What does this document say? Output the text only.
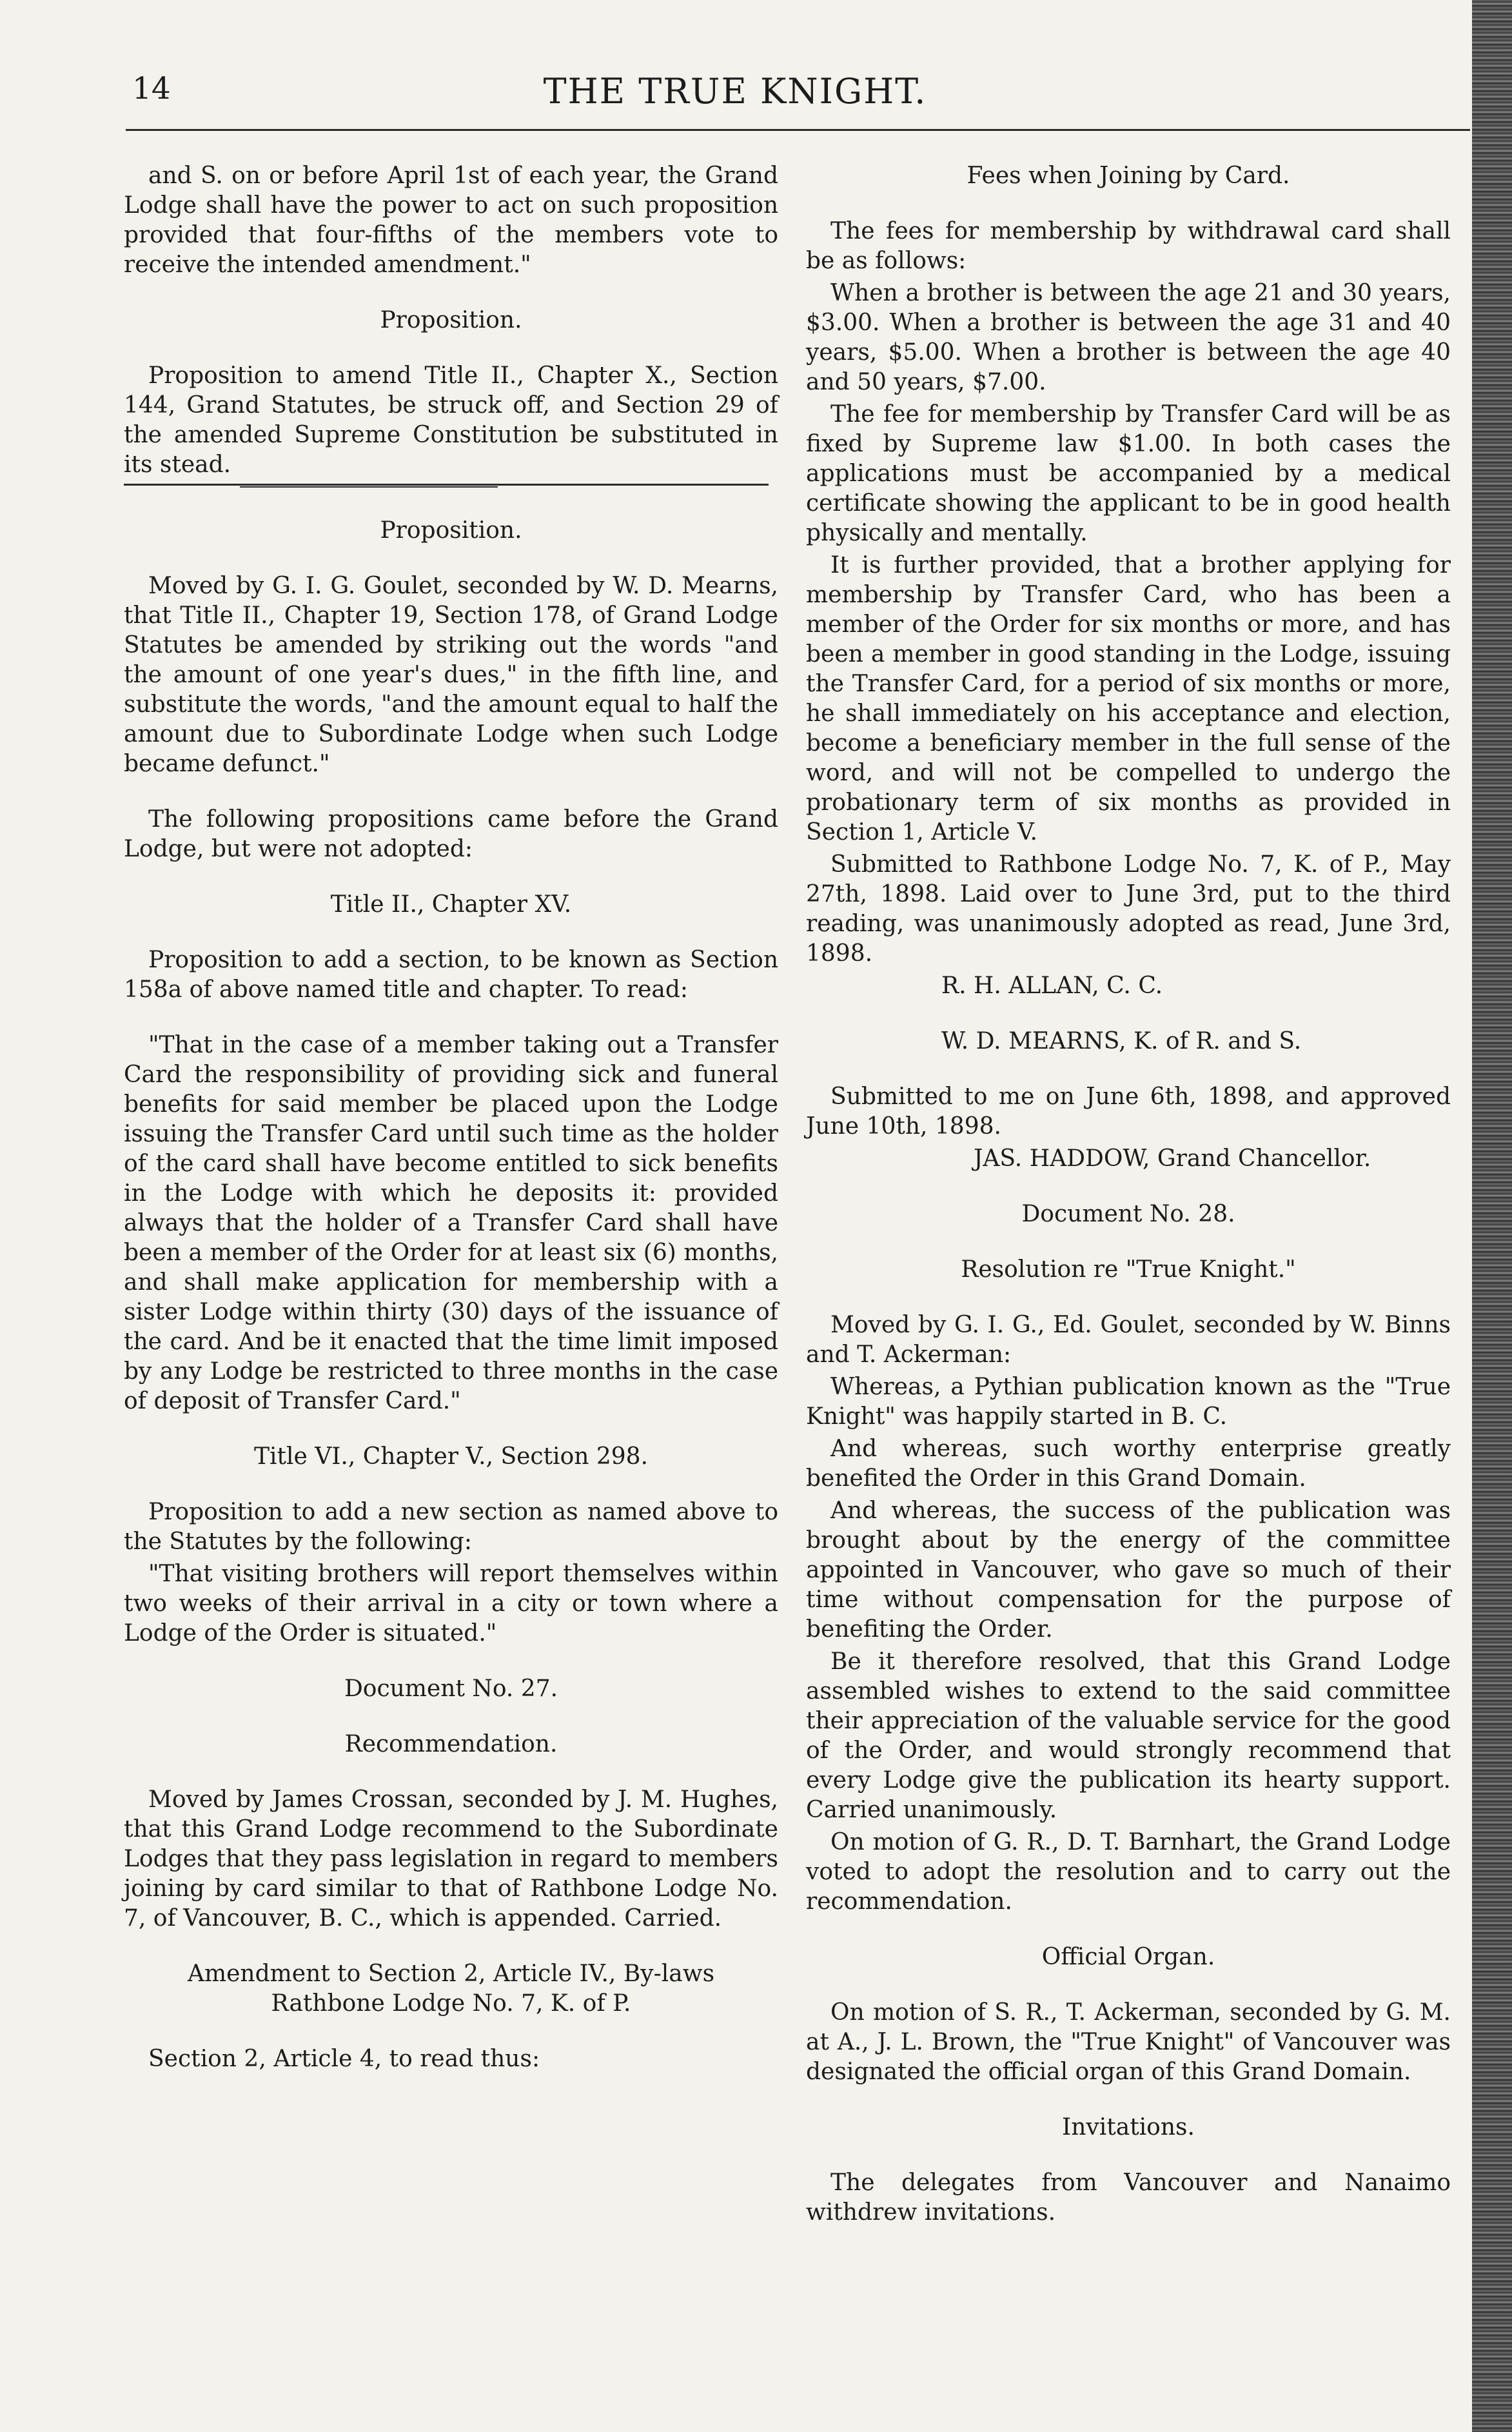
14	THE TRUE KNIGHT.

and S. on or before April 1st of each year, the Grand Lodge shall have the power to act on such proposition provided that four-fifths of the members vote to receive the intended amendment."

Proposition.

Proposition to amend Title II., Chapter X., Section 144, Grand Statutes, be struck off, and Section 29 of the amended Supreme Constitution be substituted in its stead.

Proposition.

Moved by G. I. G. Goulet, seconded by W. D. Mearns, that Title II., Chapter 19, Section 178, of Grand Lodge Statutes be amended by striking out the words "and the amount of one year's dues," in the fifth line, and substitute the words, "and the amount equal to half the amount due to Subordinate Lodge when such Lodge became defunct."

The following propositions came before the Grand Lodge, but were not adopted:

Title II., Chapter XV.

Proposition to add a section, to be known as Section 158a of above named title and chapter. To read:

"That in the case of a member taking out a Transfer Card the responsibility of providing sick and funeral benefits for said member be placed upon the Lodge issuing the Transfer Card until such time as the holder of the card shall have become entitled to sick benefits in the Lodge with which he deposits it: provided always that the holder of a Transfer Card shall have been a member of the Order for at least six (6) months, and shall make application for membership with a sister Lodge within thirty (30) days of the issuance of the card. And be it enacted that the time limit imposed by any Lodge be restricted to three months in the case of deposit of Transfer Card."

Title VI., Chapter V., Section 298.

Proposition to add a new section as named above to the Statutes by the following:

"That visiting brothers will report themselves within two weeks of their arrival in a city or town where a Lodge of the Order is situated."

Document No. 27.

Recommendation.

Moved by James Crossan, seconded by J. M. Hughes, that this Grand Lodge recommend to the Subordinate Lodges that they pass legislation in regard to members joining by card similar to that of Rathbone Lodge No. 7, of Vancouver, B. C., which is appended. Carried.

Amendment to Section 2, Article IV., By-laws

Rathbone Lodge No. 7, K. of P.

Section 2, Article 4, to read thus:

Fees when Joining by Card.

The fees for membership by withdrawal card shall be as follows:

When a brother is between the age 21 and 30 years, $3.00. When a brother is between the age 31 and 40 years, $5.00. When a brother is between the age 40 and 50 years, $7.00.

The fee for membership by Transfer Card will be as fixed by Supreme law $1.00. In both cases the applications must be accompanied by a medical certificate showing the applicant to be in good health physically and mentally.

It is further provided, that a brother applying for membership by Transfer Card, who has been a member of the Order for six months or more, and has been a member in good standing in the Lodge, issuing the Transfer Card, for a period of six months or more, he shall immediately on his acceptance and election, become a beneficiary member in the full sense of the word, and will not be compelled to undergo the probationary term of six months as provided in Section 1, Article V.

Submitted to Rathbone Lodge No. 7, K. of P., May 27th, 1898. Laid over to June 3rd, put to the third reading, was unanimously adopted as read, June 3rd, 1898.

R. H. ALLAN, C. C.

W. D. MEARNS, K. of R. and S.

Submitted to me on June 6th, 1898, and approved June 10th, 1898.

JAS. HADDOW, Grand Chancellor.

Document No. 28.

Resolution re "True Knight."

Moved by G. I. G., Ed. Goulet, seconded by W. Binns and T. Ackerman:

Whereas, a Pythian publication known as the "True Knight" was happily started in B. C.

And whereas, such worthy enterprise greatly benefited the Order in this Grand Domain.

And whereas, the success of the publication was brought about by the energy of the committee appointed in Vancouver, who gave so much of their time without compensation for the purpose of benefiting the Order.

Be it therefore resolved, that this Grand Lodge assembled wishes to extend to the said committee their appreciation of the valuable service for the good of the Order, and would strongly recommend that every Lodge give the publication its hearty support. Carried unanimously.

On motion of G. R., D. T. Barnhart, the Grand Lodge voted to adopt the resolution and to carry out the recommendation.

Official Organ.

On motion of S. R., T. Ackerman, seconded by G. M. at A., J. L. Brown, the "True Knight" of Vancouver was designated the official organ of this Grand Domain.

Invitations.

The delegates from Vancouver and Nanaimo withdrew invitations.
